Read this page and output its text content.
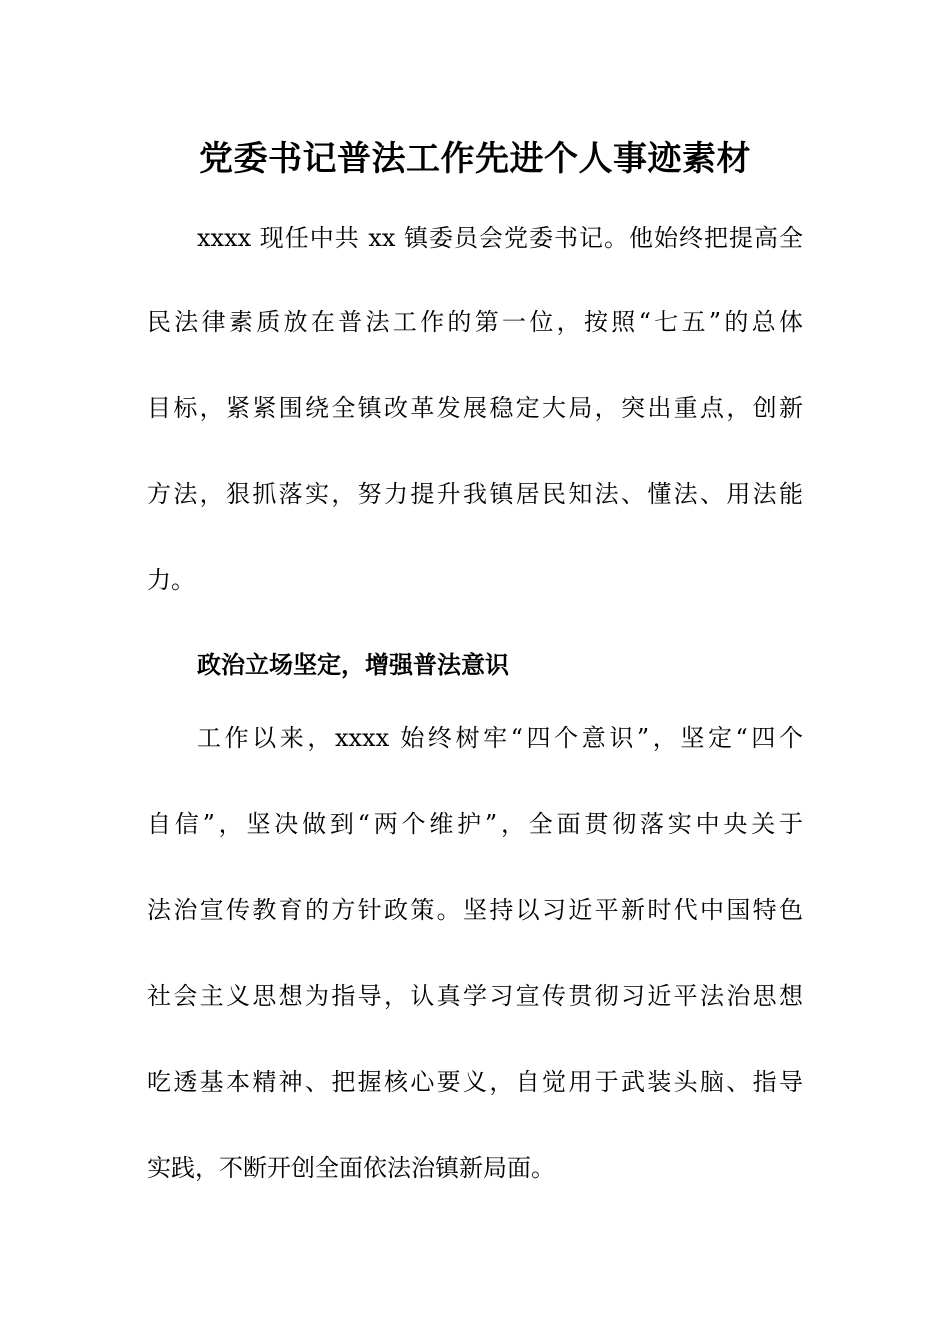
党委书记普法工作先进个人事迹素材
xxxx 现任中共 xx 镇委员会党委书记。他始终把提高全
民法律素质放在普法工作的第一位，按照“七五”的总体
目标，紧紧围绕全镇改革发展稳定大局，突出重点，创新
方法，狠抓落实，努力提升我镇居民知法、懂法、用法能
力。
政治立场坚定，增强普法意识
工作以来，xxxx 始终树牢“四个意识”，坚定“四个
自信”，坚决做到“两个维护”，全面贯彻落实中央关于
法治宣传教育的方针政策。坚持以习近平新时代中国特色
社会主义思想为指导，认真学习宣传贯彻习近平法治思想
吃透基本精神、把握核心要义，自觉用于武装头脑、指导
实践，不断开创全面依法治镇新局面。
